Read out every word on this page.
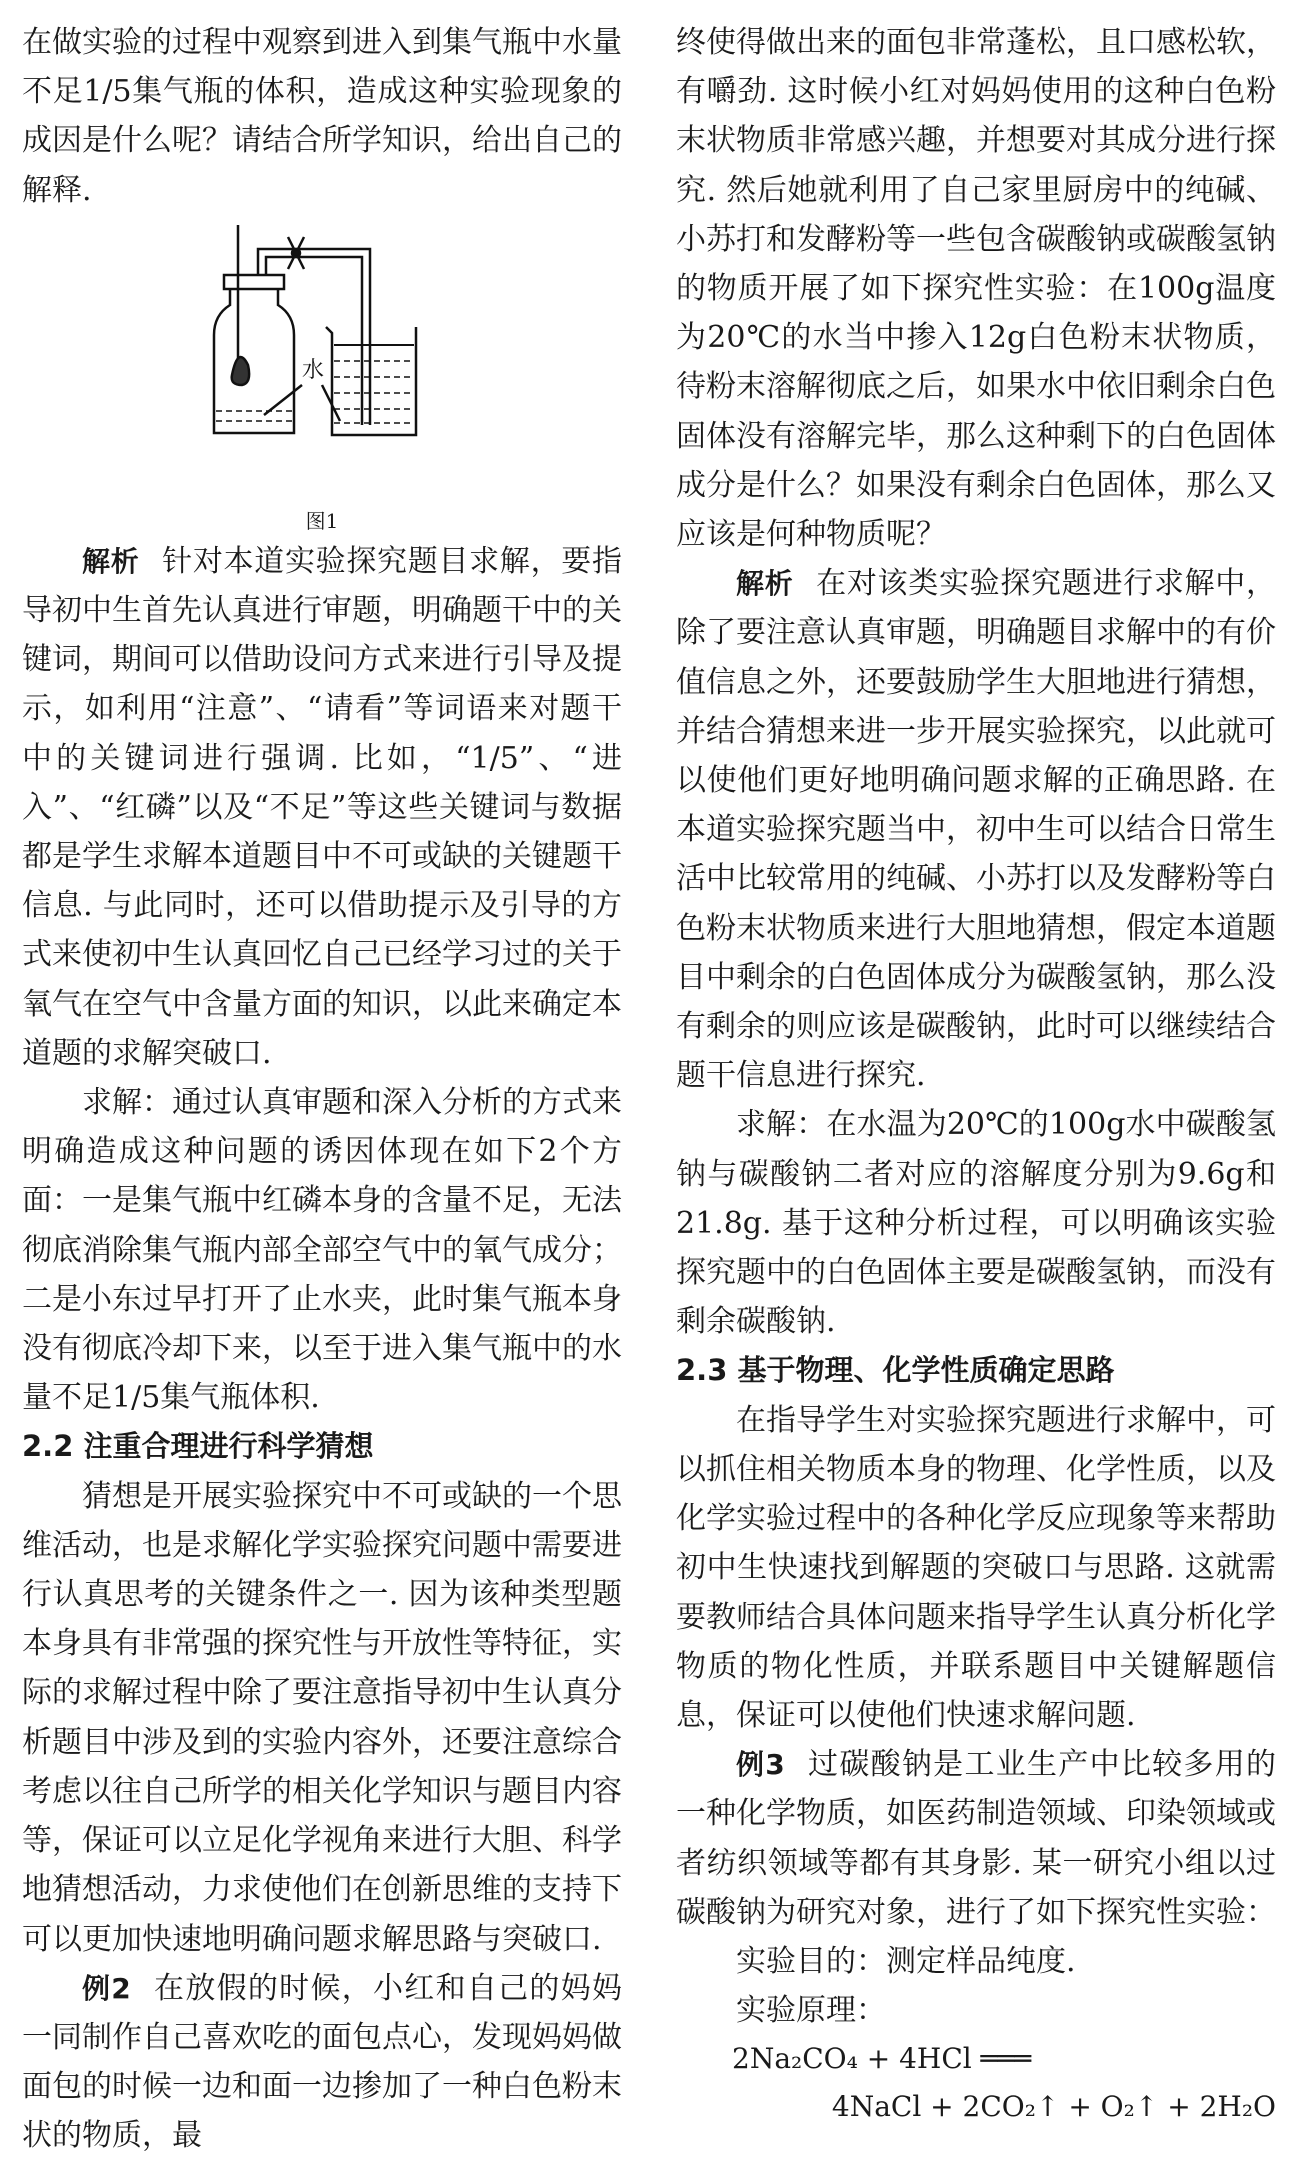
在做实验的过程中观察到进入到集气瓶中水量不足1/5集气瓶的体积，造成这种实验现象的成因是什么呢？请结合所学知识，给出自己的解释.

水

图1

解析 针对本道实验探究题目求解，要指导初中生首先认真进行审题，明确题干中的关键词，期间可以借助设问方式来进行引导及提示，如利用“注意”、“请看”等词语来对题干中的关键词进行强调. 比如，“1/5”、“进入”、“红磷”以及“不足”等这些关键词与数据都是学生求解本道题目中不可或缺的关键题干信息. 与此同时，还可以借助提示及引导的方式来使初中生认真回忆自己已经学习过的关于氧气在空气中含量方面的知识，以此来确定本道题的求解突破口.

求解：通过认真审题和深入分析的方式来明确造成这种问题的诱因体现在如下2个方面：一是集气瓶中红磷本身的含量不足，无法彻底消除集气瓶内部全部空气中的氧气成分；二是小东过早打开了止水夹，此时集气瓶本身没有彻底冷却下来，以至于进入集气瓶中的水量不足1/5集气瓶体积.

2.2 注重合理进行科学猜想

猜想是开展实验探究中不可或缺的一个思维活动，也是求解化学实验探究问题中需要进行认真思考的关键条件之一. 因为该种类型题本身具有非常强的探究性与开放性等特征，实际的求解过程中除了要注意指导初中生认真分析题目中涉及到的实验内容外，还要注意综合考虑以往自己所学的相关化学知识与题目内容等，保证可以立足化学视角来进行大胆、科学地猜想活动，力求使他们在创新思维的支持下可以更加快速地明确问题求解思路与突破口.

例2 在放假的时候，小红和自己的妈妈一同制作自己喜欢吃的面包点心，发现妈妈做面包的时候一边和面一边掺加了一种白色粉末状的物质，最

终使得做出来的面包非常蓬松，且口感松软，有嚼劲. 这时候小红对妈妈使用的这种白色粉末状物质非常感兴趣，并想要对其成分进行探究. 然后她就利用了自己家里厨房中的纯碱、小苏打和发酵粉等一些包含碳酸钠或碳酸氢钠的物质开展了如下探究性实验：在100g温度为20℃的水当中掺入12g白色粉末状物质，待粉末溶解彻底之后，如果水中依旧剩余白色固体没有溶解完毕，那么这种剩下的白色固体成分是什么？如果没有剩余白色固体，那么又应该是何种物质呢？

解析 在对该类实验探究题进行求解中，除了要注意认真审题，明确题目求解中的有价值信息之外，还要鼓励学生大胆地进行猜想，并结合猜想来进一步开展实验探究，以此就可以使他们更好地明确问题求解的正确思路. 在本道实验探究题当中，初中生可以结合日常生活中比较常用的纯碱、小苏打以及发酵粉等白色粉末状物质来进行大胆地猜想，假定本道题目中剩余的白色固体成分为碳酸氢钠，那么没有剩余的则应该是碳酸钠，此时可以继续结合题干信息进行探究.

求解：在水温为20℃的100g水中碳酸氢钠与碳酸钠二者对应的溶解度分别为9.6g和21.8g. 基于这种分析过程，可以明确该实验探究题中的白色固体主要是碳酸氢钠，而没有剩余碳酸钠.

2.3 基于物理、化学性质确定思路

在指导学生对实验探究题进行求解中，可以抓住相关物质本身的物理、化学性质，以及化学实验过程中的各种化学反应现象等来帮助初中生快速找到解题的突破口与思路. 这就需要教师结合具体问题来指导学生认真分析化学物质的物化性质，并联系题目中关键解题信息，保证可以使他们快速求解问题.

例3 过碳酸钠是工业生产中比较多用的一种化学物质，如医药制造领域、印染领域或者纺织领域等都有其身影. 某一研究小组以过碳酸钠为研究对象，进行了如下探究性实验：

实验目的：测定样品纯度.

实验原理：

2Na₂CO₄ + 4HCl ═══

4NaCl + 2CO₂↑ + O₂↑ + 2H₂O
